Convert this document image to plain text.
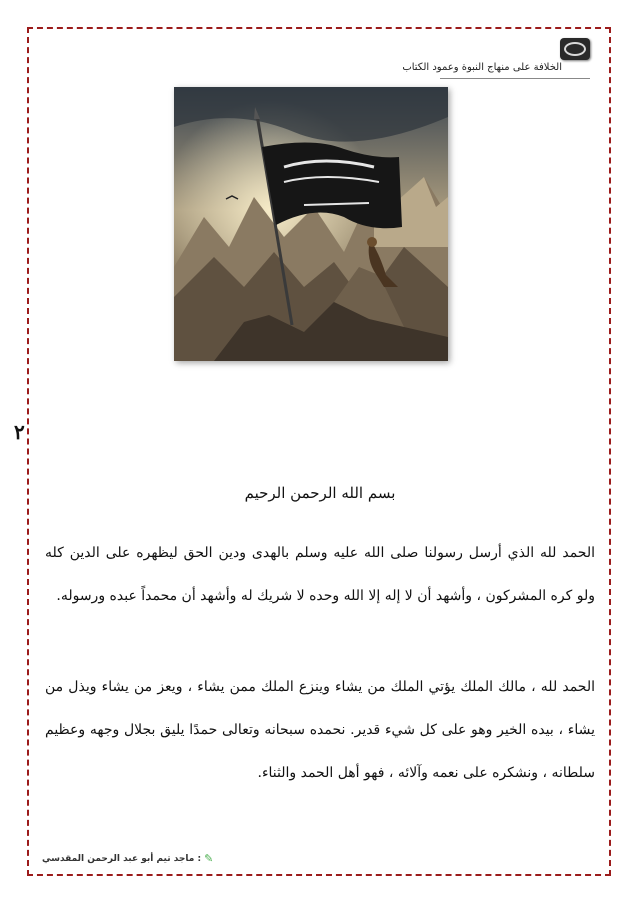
الخلافة على منهاج النبوة وعمود الكتاب
٢
بسم الله الرحمن الرحيم
الحمد لله الذي أرسل رسولنا صلى الله عليه وسلم بالهدى ودين الحق ليظهره على الدين كله ولو كره المشركون ، وأشهد أن لا إله إلا الله وحده لا شريك له وأشهد أن محمداً عبده ورسوله.
الحمد لله ، مالك الملك يؤتي الملك من يشاء وينزع الملك ممن يشاء ، ويعز من يشاء ويذل من يشاء ، بيده الخير وهو على كل شيء قدير. نحمده سبحانه وتعالى حمدًا يليق بجلال وجهه وعظيم سلطانه ، ونشكره على نعمه وآلائه ، فهو أهل الحمد والثناء.
✎
: ماجد تيم أبو عبد الرحمن المقدسي
